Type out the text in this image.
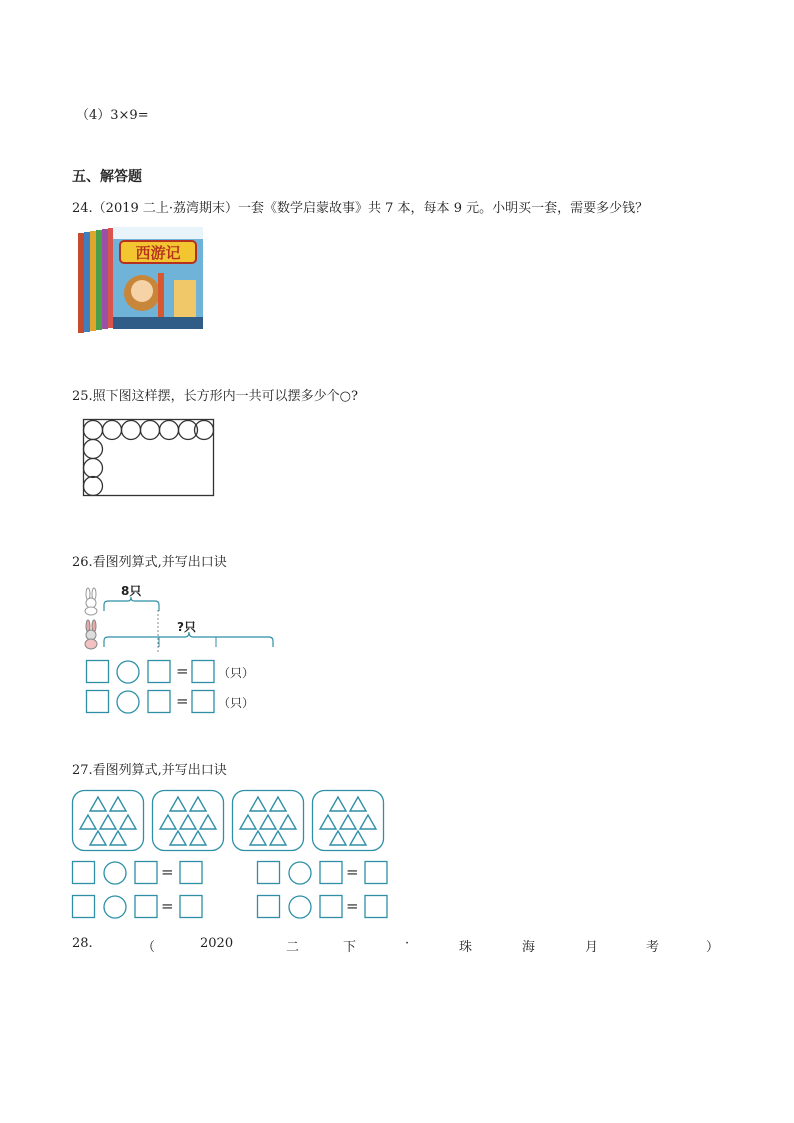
（4）3×9=
五、解答题
24.（2019 二上·荔湾期末）一套《数学启蒙故事》共 7 本，每本 9 元。小明买一套，需要多少钱？
西游记
25.照下图这样摆，长方形内一共可以摆多少个○?
26.看图列算式,并写出口诀
8只
?只
= （只）
= （只）
27.看图列算式,并写出口诀
=	=
=	=
28.	（	2020	二	下	·	珠	海	月	考	）
